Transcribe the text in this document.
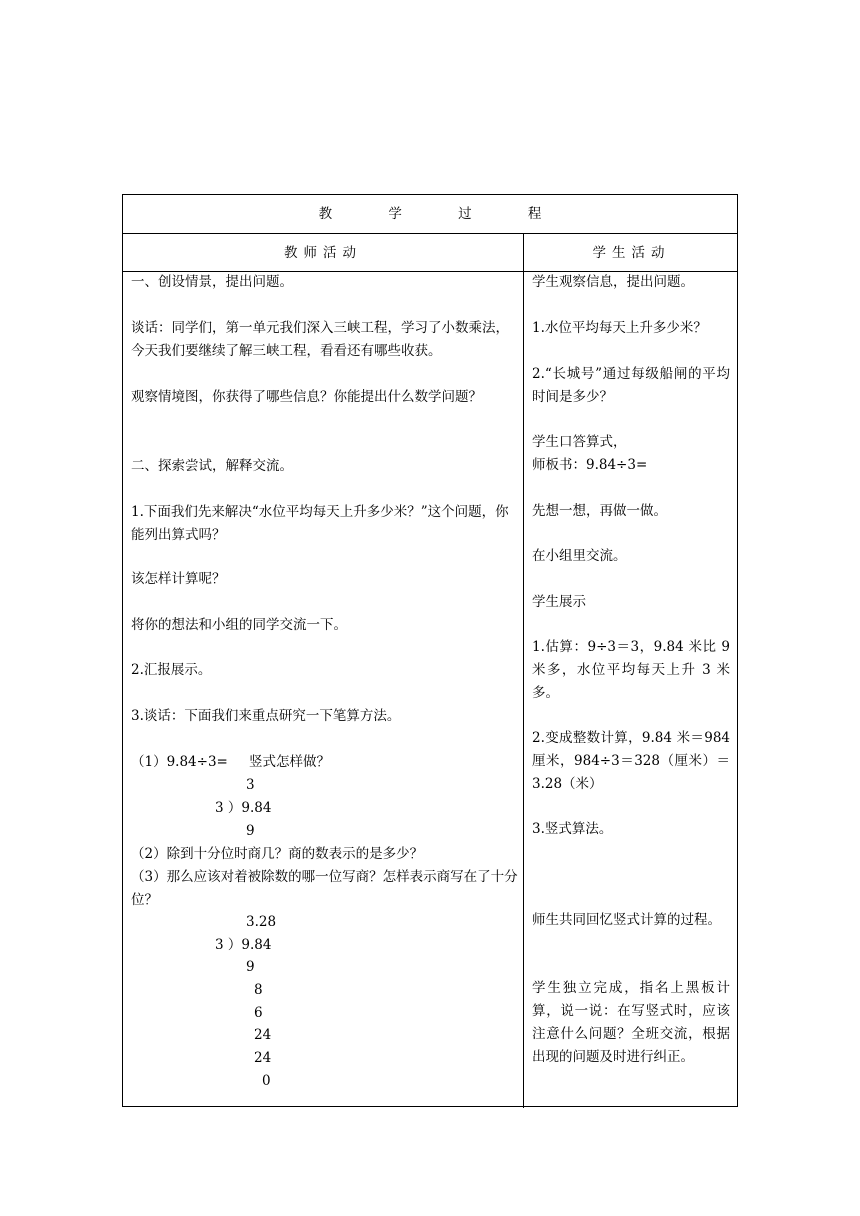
教 学 过 程
教师活动	学生活动
一、创设情景，提出问题。
谈话：同学们，第一单元我们深入三峡工程，学习了小数乘法，今天我们要继续了解三峡工程，看看还有哪些收获。
观察情境图，你获得了哪些信息？你能提出什么数学问题？
二、探索尝试，解释交流。
1.下面我们先来解决“水位平均每天上升多少米？”这个问题，你能列出算式吗？
该怎样计算呢？
将你的想法和小组的同学交流一下。
2.汇报展示。
3.谈话：下面我们来重点研究一下笔算方法。
（1）9.84÷3= 竖式怎样做？
3
3 ）9.84
9
（2）除到十分位时商几？商的数表示的是多少？
（3）那么应该对着被除数的哪一位写商？怎样表示商写在了十分位？
3.28
3 ）9.84
9
8
6
24
24
0
学生观察信息，提出问题。
1.水位平均每天上升多少米？
2.“长城号”通过每级船闸的平均时间是多少？
学生口答算式，
师板书：9.84÷3=
先想一想，再做一做。
在小组里交流。
学生展示
1.估算：9÷3＝3，9.84 米比 9 米多，水位平均每天上升 3 米多。
2.变成整数计算，9.84 米＝984 厘米，984÷3＝328（厘米）＝3.28（米）
3.竖式算法。
师生共同回忆竖式计算的过程。
学生独立完成，指名上黑板计算，说一说：在写竖式时，应该注意什么问题？全班交流，根据出现的问题及时进行纠正。
